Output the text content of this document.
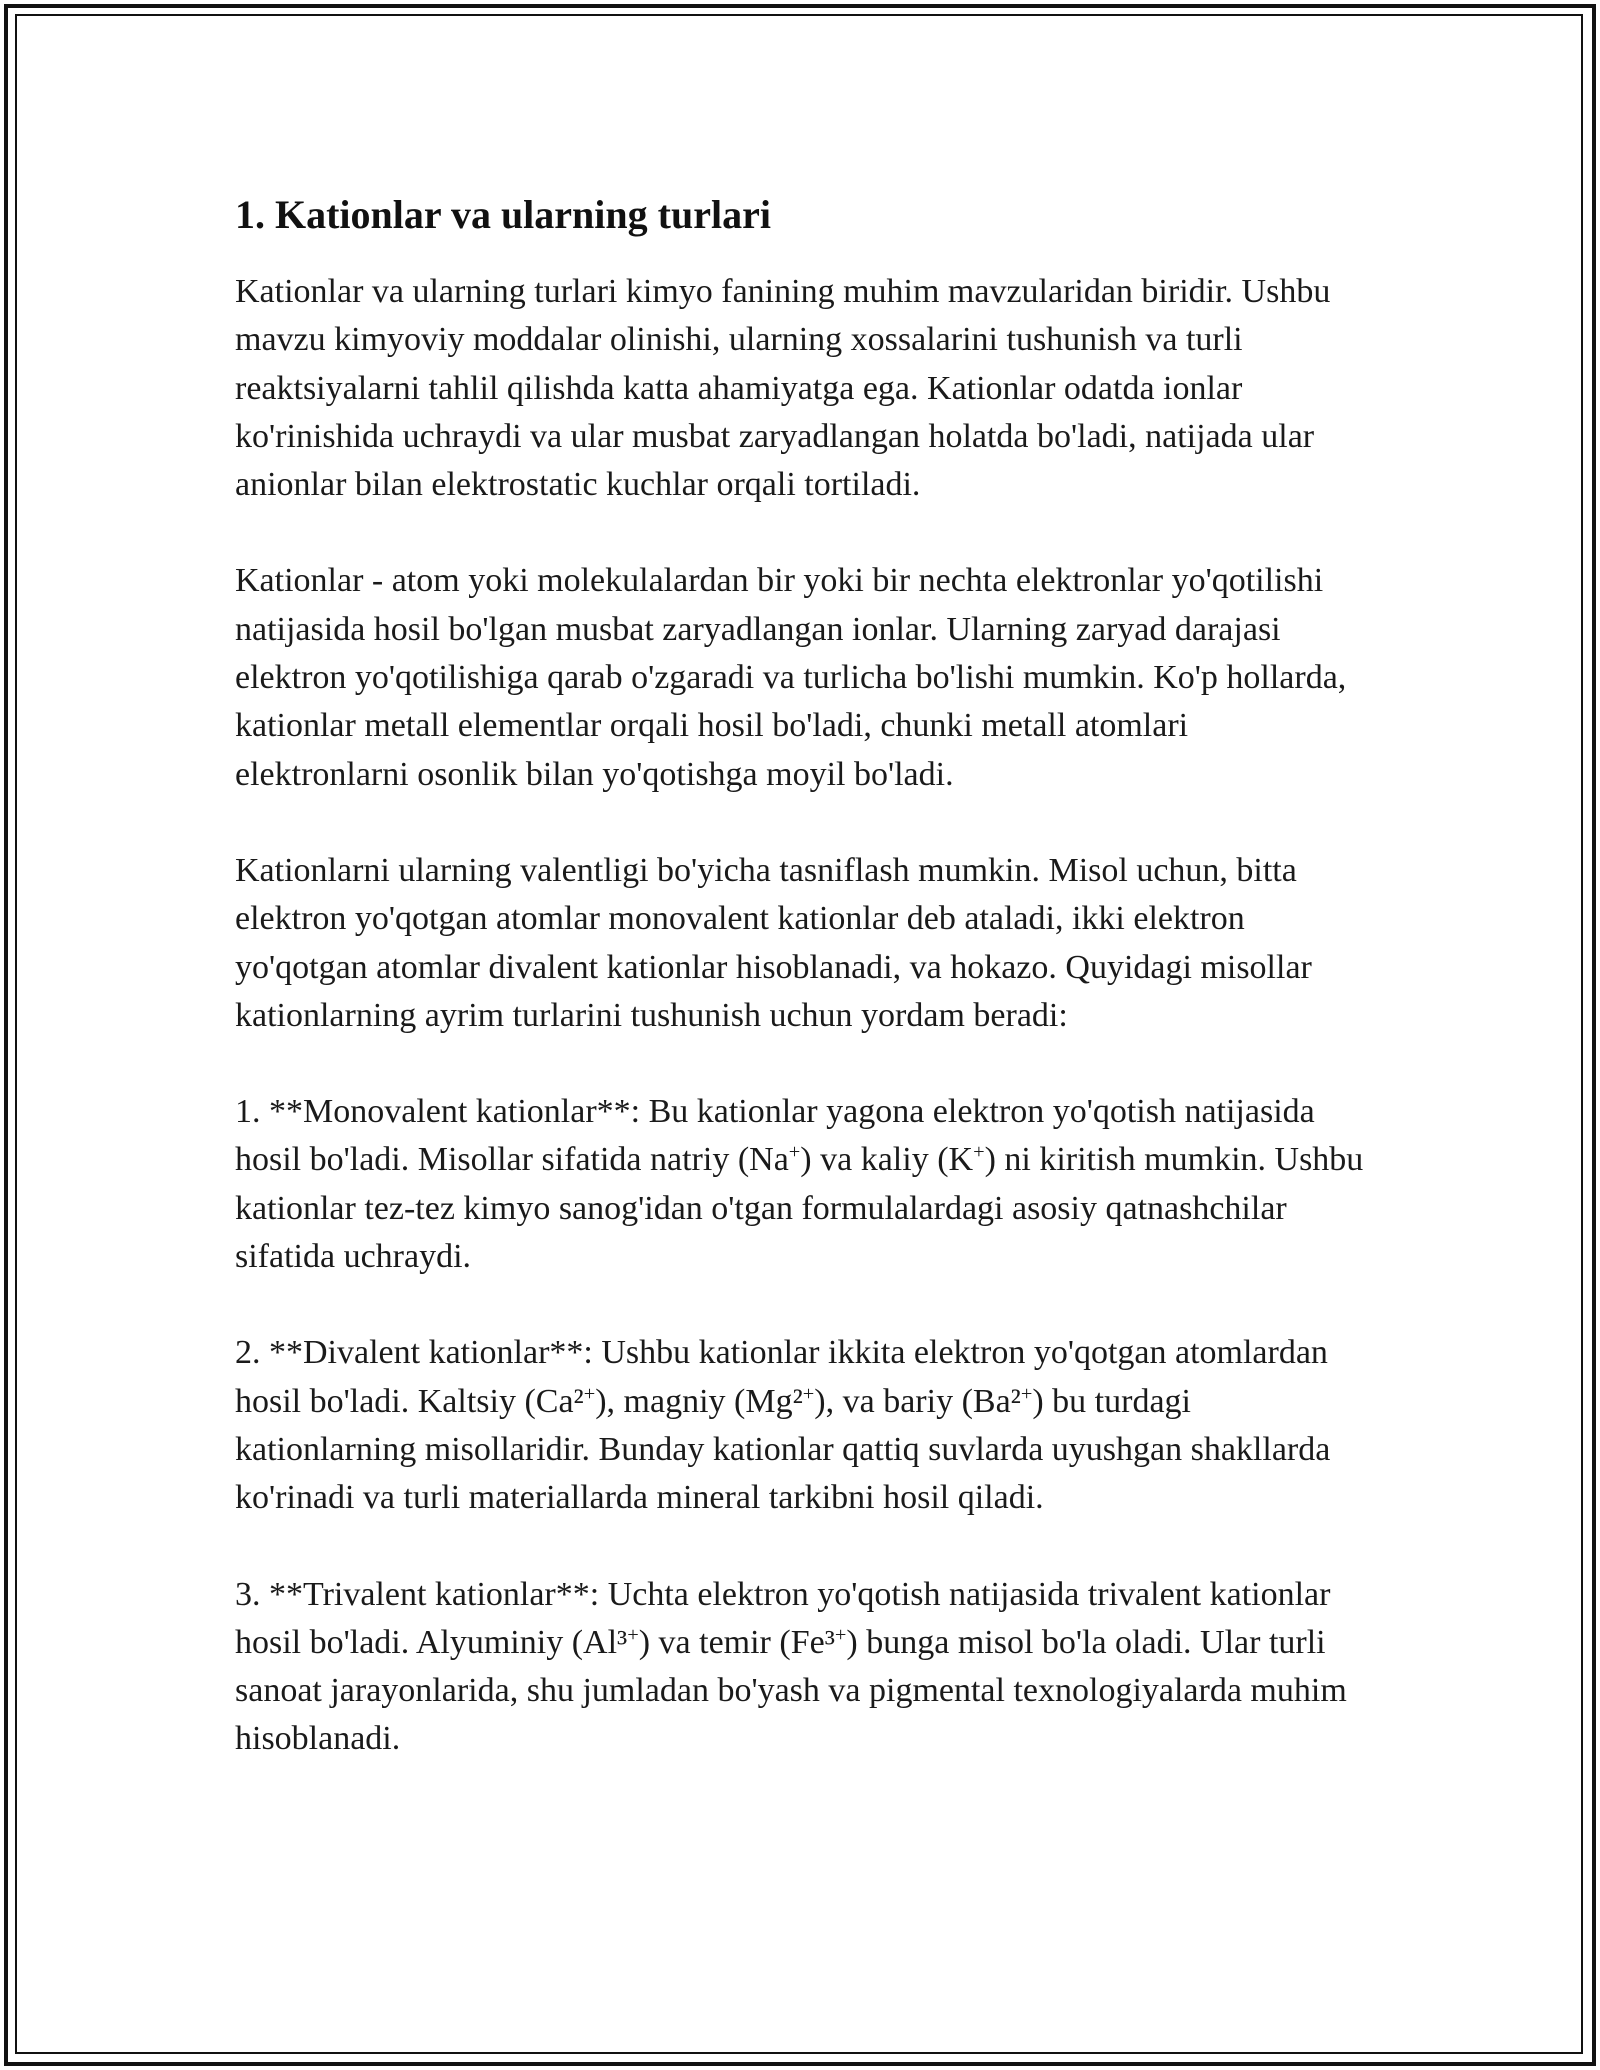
1. Kationlar va ularning turlari

Kationlar va ularning turlari kimyo fanining muhim mavzularidan biridir. Ushbu mavzu kimyoviy moddalar olinishi, ularning xossalarini tushunish va turli reaktsiyalarni tahlil qilishda katta ahamiyatga ega. Kationlar odatda ionlar ko'rinishida uchraydi va ular musbat zaryadlangan holatda bo'ladi, natijada ular anionlar bilan elektrostatic kuchlar orqali tortiladi.

Kationlar - atom yoki molekulalardan bir yoki bir nechta elektronlar yo'qotilishi natijasida hosil bo'lgan musbat zaryadlangan ionlar. Ularning zaryad darajasi elektron yo'qotilishiga qarab o'zgaradi va turlicha bo'lishi mumkin. Ko'p hollarda, kationlar metall elementlar orqali hosil bo'ladi, chunki metall atomlari elektronlarni osonlik bilan yo'qotishga moyil bo'ladi.

Kationlarni ularning valentligi bo'yicha tasniflash mumkin. Misol uchun, bitta elektron yo'qotgan atomlar monovalent kationlar deb ataladi, ikki elektron yo'qotgan atomlar divalent kationlar hisoblanadi, va hokazo. Quyidagi misollar kationlarning ayrim turlarini tushunish uchun yordam beradi:

1. **Monovalent kationlar**: Bu kationlar yagona elektron yo'qotish natijasida hosil bo'ladi. Misollar sifatida natriy (Na+) va kaliy (K+) ni kiritish mumkin. Ushbu kationlar tez-tez kimyo sanog'idan o'tgan formulalardagi asosiy qatnashchilar sifatida uchraydi.

2. **Divalent kationlar**: Ushbu kationlar ikkita elektron yo'qotgan atomlardan hosil bo'ladi. Kaltsiy (Ca²+), magniy (Mg²+), va bariy (Ba²+) bu turdagi kationlarning misollaridir. Bunday kationlar qattiq suvlarda uyushgan shakllarda ko'rinadi va turli materiallarda mineral tarkibni hosil qiladi.

3. **Trivalent kationlar**: Uchta elektron yo'qotish natijasida trivalent kationlar hosil bo'ladi. Alyuminiy (Al³+) va temir (Fe³+) bunga misol bo'la oladi. Ular turli sanoat jarayonlarida, shu jumladan bo'yash va pigmental texnologiyalarda muhim hisoblanadi.
